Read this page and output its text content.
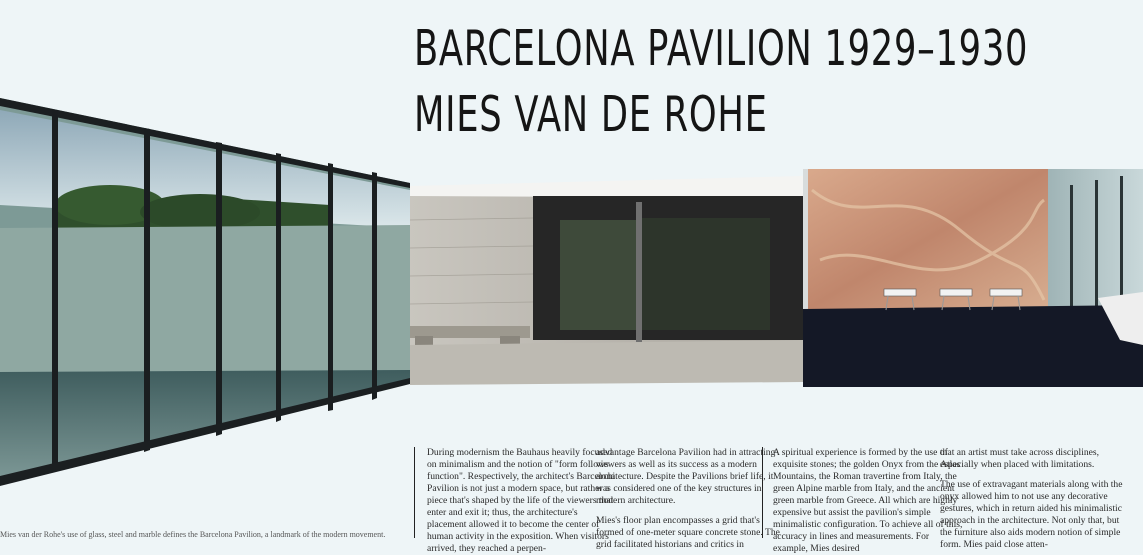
BARCELONA PAVILION 1929–1930
MIES VAN DE ROHE
Mies van der Rohe's use of glass, steel and marble defines the Barcelona Pavilion, a landmark of the modern movement.

During modernism the Bauhaus heavily focused on minimalism and the notion of "form follows function". Respectively, the architect's Barcelona Pavilion is not just a modern space, but rather a piece that's shaped by the life of the viewers that enter and exit it; thus, the architecture's placement allowed it to become the center of human activity in the exposition. When visitors arrived, they reached a perpen-

advantage Barcelona Pavilion had in attracting viewers as well as its success as a modern architecture. Despite the Pavilions brief life, it was considered one of the key structures in modern architecture.

Mies's floor plan encompasses a grid that's formed of one-meter square concrete stone. The grid facilitated historians and critics in

A spiritual experience is formed by the use of exquisite stones; the golden Onyx from the Atlas Mountains, the Roman travertine from Italy, the green Alpine marble from Italy, and the ancient green marble from Greece. All which are highly expensive but assist the pavilion's simple minimalistic configuration. To achieve all of this, accuracy in lines and measurements. For example, Mies desired

that an artist must take across disciplines, especially when placed with limitations.

The use of extravagant materials along with the onyx allowed him to not use any decorative gestures, which in return aided his minimalistic approach in the architecture. Not only that, but the furniture also aids modern notion of simple form. Mies paid close atten-
